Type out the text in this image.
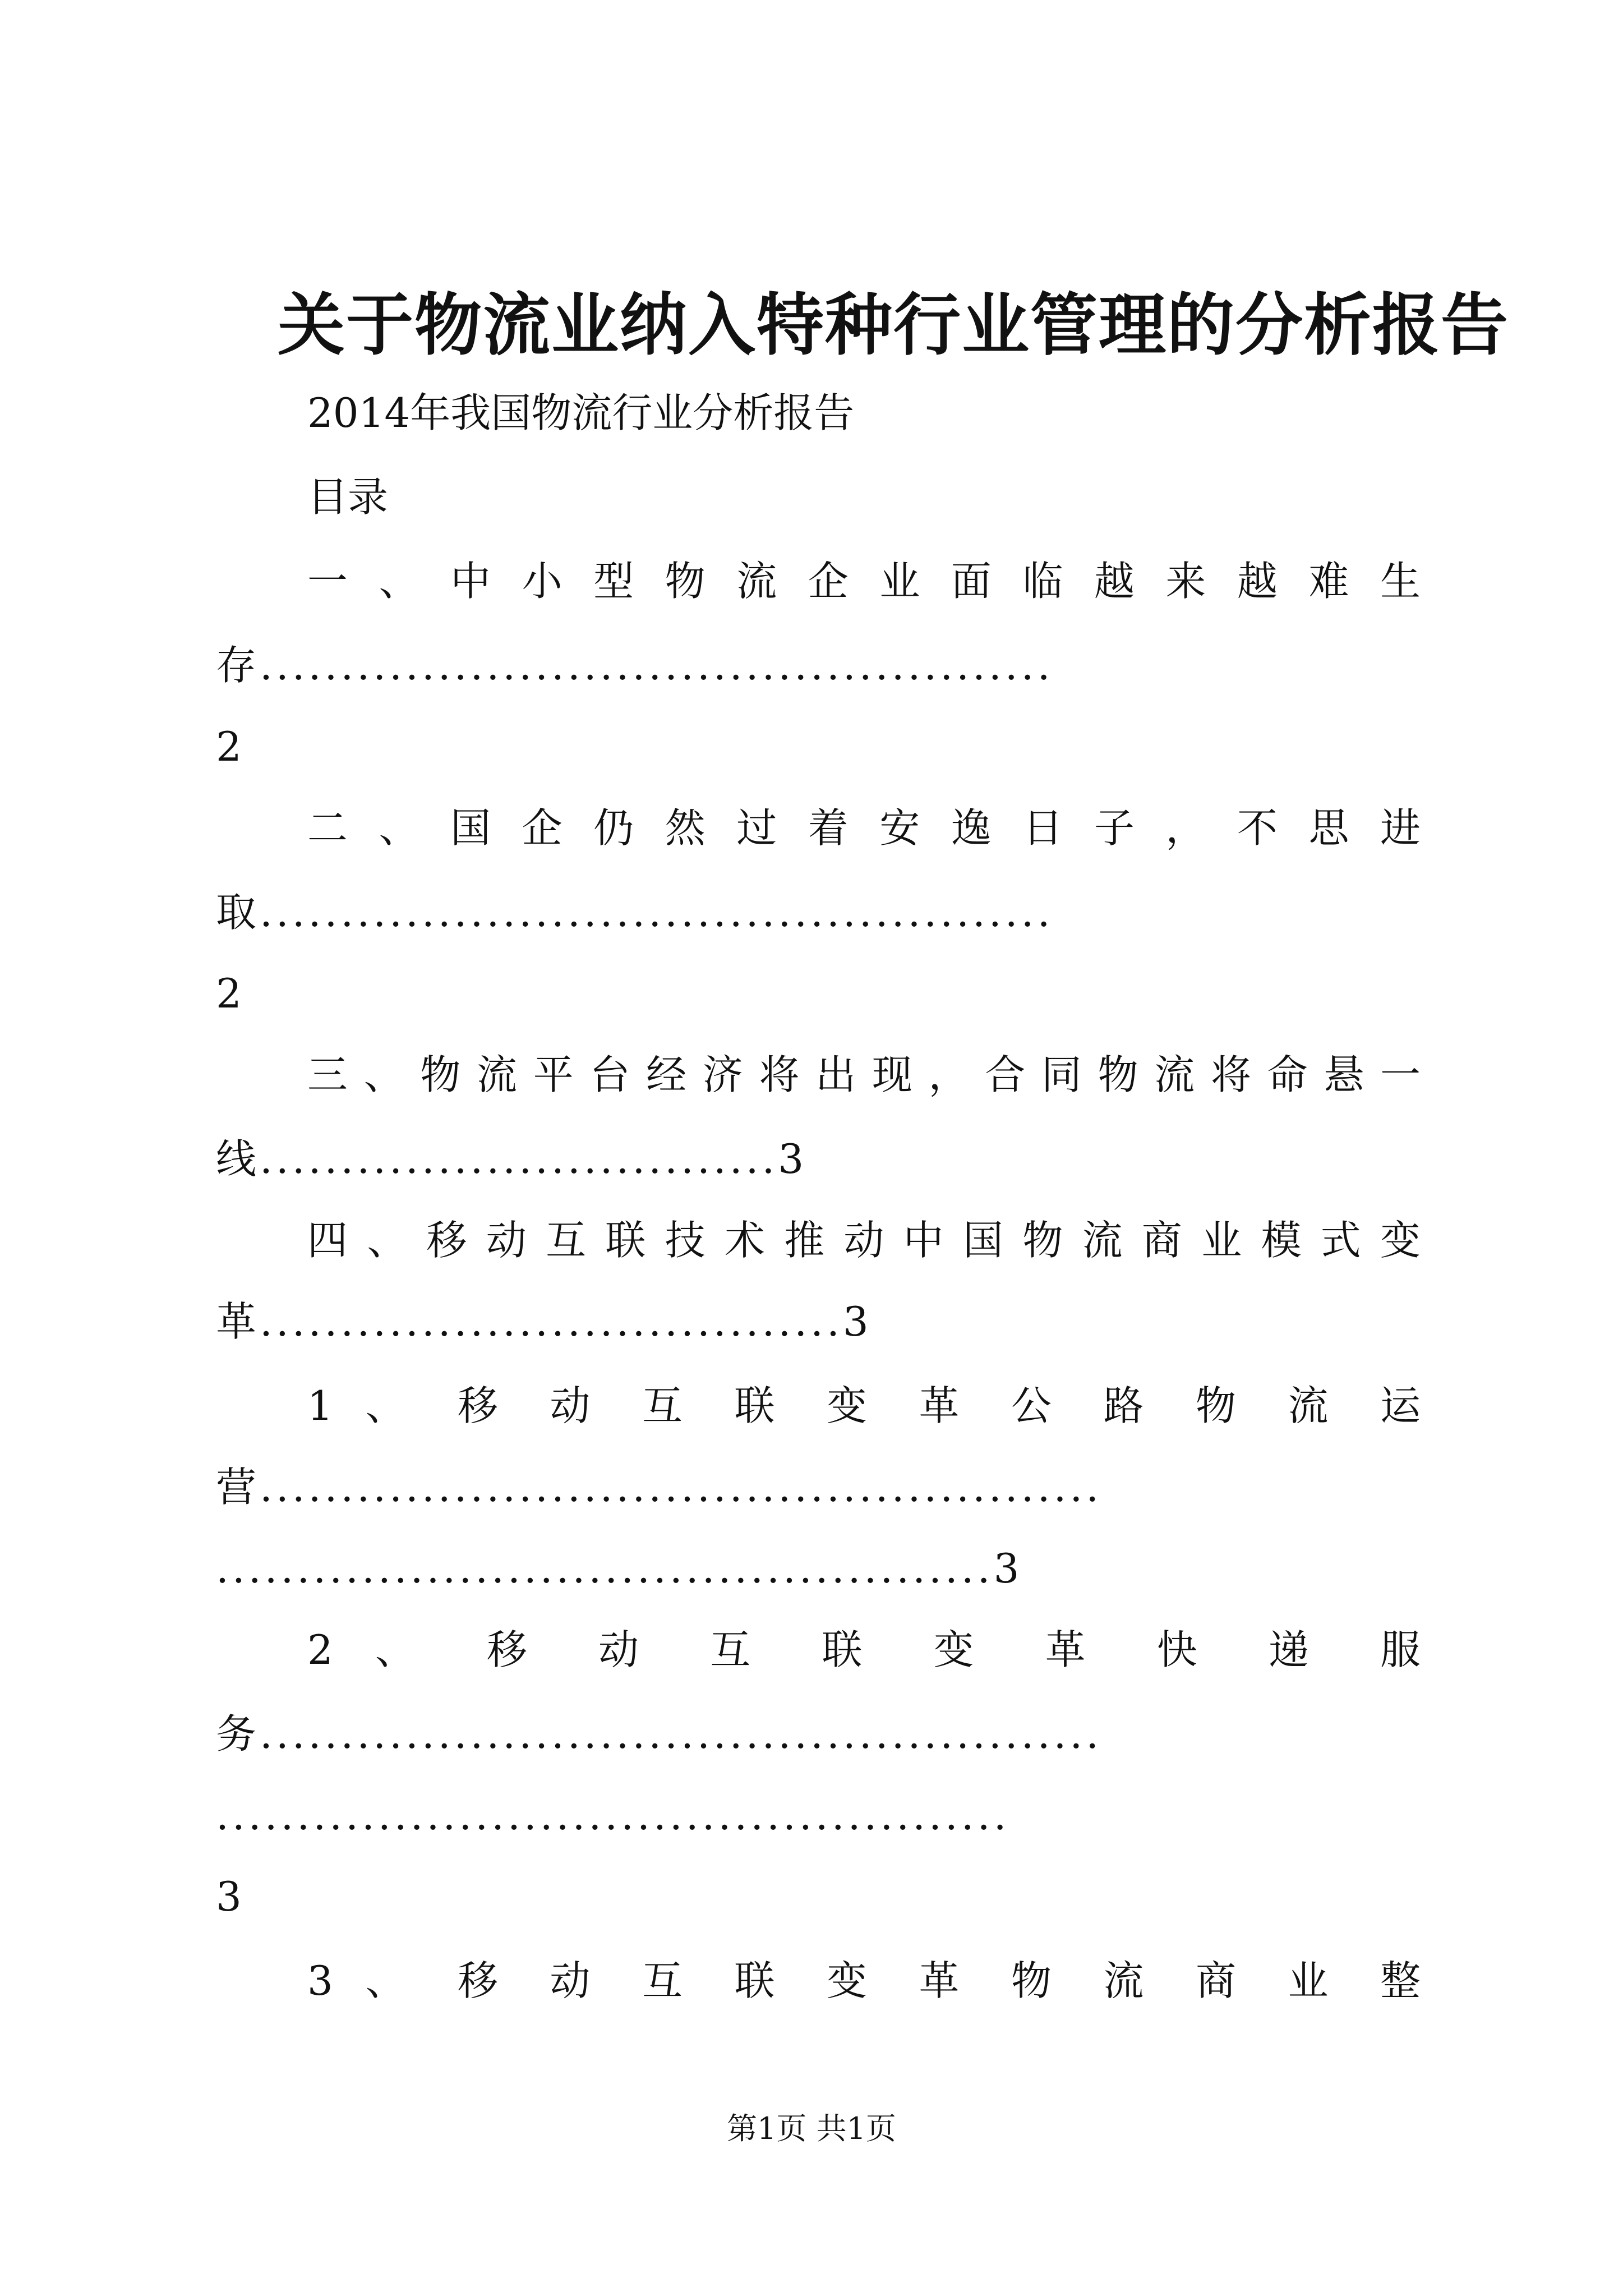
关于物流业纳入特种行业管理的分析报告
2014年我国物流行业分析报告
目录
一​ 、​ 中​ 小​ 型​ 物​ 流​ 企​ 业​ 面​ 临​ 越​ 来​ 越​ 难​ 生
存.................................................
2
二​ 、​ 国​ 企​ 仍​ 然​ 过​ 着​ 安​ 逸​ 日​ 子​ ，​ 不​ 思​ 进
取.................................................
2
三​ 、​ 物​ 流​ 平​ 台​ 经​ 济​ 将​ 出​ 现​ ，​ 合​ 同​ 物​ 流​ 将​ 命​ 悬​ 一
线................................3
四​ 、​ 移​ 动​ 互​ 联​ 技​ 术​ 推​ 动​ 中​ 国​ 物​ 流​ 商​ 业​ 模​ 式​ 变
革....................................3
1​ 、​ 移​ 动​ 互​ 联​ 变​ 革​ 公​ 路​ 物​ 流​ 运
营....................................................
................................................3
2​ 、​ 移​ 动​ 互​ 联​ 变​ 革​ 快​ 递​ 服
务....................................................
.................................................
3
3​ 、​ 移​ 动​ 互​ 联​ 变​ 革​ 物​ 流​ 商​ 业​ 整
第1页 共1页
